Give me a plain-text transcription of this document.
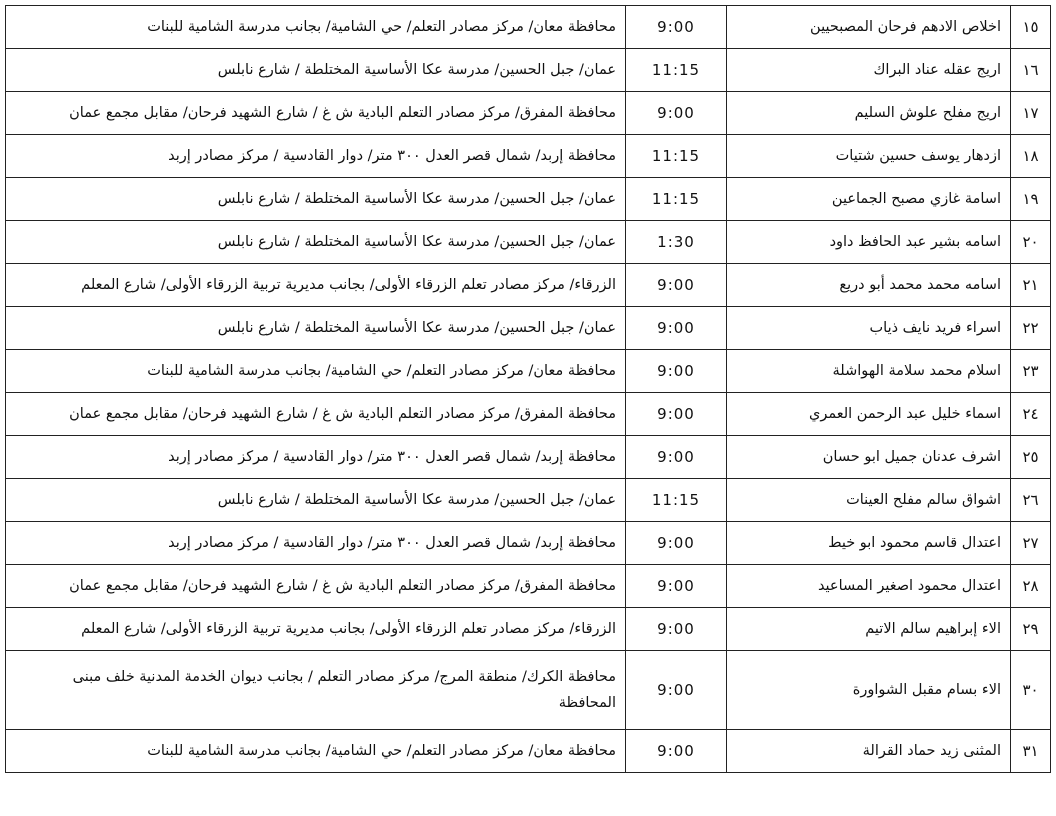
١٥	اخلاص الادهم فرحان المصبحيين	9:00	محافظة معان/ مركز مصادر التعلم/ حي الشامية/ بجانب مدرسة الشامية للبنات
١٦	اريج عقله عناد البراك	11:15	عمان/ جبل الحسين/ مدرسة عكا الأساسية المختلطة / شارع نابلس
١٧	اريج مفلح علوش السليم	9:00	محافظة المفرق/ مركز مصادر التعلم البادية ش غ / شارع الشهيد فرحان/ مقابل مجمع عمان
١٨	ازدهار يوسف حسين شتيات	11:15	محافظة إربد/ شمال قصر العدل ٣٠٠ متر/ دوار القادسية / مركز مصادر إربد
١٩	اسامة غازي مصبح الجماعين	11:15	عمان/ جبل الحسين/ مدرسة عكا الأساسية المختلطة / شارع نابلس
٢٠	اسامه بشير عبد الحافظ داود	1:30	عمان/ جبل الحسين/ مدرسة عكا الأساسية المختلطة / شارع نابلس
٢١	اسامه محمد محمد أبو دريع	9:00	الزرقاء/ مركز مصادر تعلم الزرقاء الأولى/ بجانب مديرية تربية الزرقاء الأولى/ شارع المعلم
٢٢	اسراء فريد نايف ذياب	9:00	عمان/ جبل الحسين/ مدرسة عكا الأساسية المختلطة / شارع نابلس
٢٣	اسلام محمد سلامة الهواشلة	9:00	محافظة معان/ مركز مصادر التعلم/ حي الشامية/ بجانب مدرسة الشامية للبنات
٢٤	اسماء خليل عبد الرحمن العمري	9:00	محافظة المفرق/ مركز مصادر التعلم البادية ش غ / شارع الشهيد فرحان/ مقابل مجمع عمان
٢٥	اشرف عدنان جميل ابو حسان	9:00	محافظة إربد/ شمال قصر العدل ٣٠٠ متر/ دوار القادسية / مركز مصادر إربد
٢٦	اشواق سالم مفلح العينات	11:15	عمان/ جبل الحسين/ مدرسة عكا الأساسية المختلطة / شارع نابلس
٢٧	اعتدال قاسم محمود ابو خيط	9:00	محافظة إربد/ شمال قصر العدل ٣٠٠ متر/ دوار القادسية / مركز مصادر إربد
٢٨	اعتدال محمود اصغير المساعيد	9:00	محافظة المفرق/ مركز مصادر التعلم البادية ش غ / شارع الشهيد فرحان/ مقابل مجمع عمان
٢٩	الاء إبراهيم سالم الاتيم	9:00	الزرقاء/ مركز مصادر تعلم الزرقاء الأولى/ بجانب مديرية تربية الزرقاء الأولى/ شارع المعلم
٣٠	الاء بسام مقبل الشواورة	9:00	محافظة الكرك/ منطقة المرج/ مركز مصادر التعلم / بجانب ديوان الخدمة المدنية خلف مبنى المحافظة
٣١	المثنى زيد حماد القرالة	9:00	محافظة معان/ مركز مصادر التعلم/ حي الشامية/ بجانب مدرسة الشامية للبنات
